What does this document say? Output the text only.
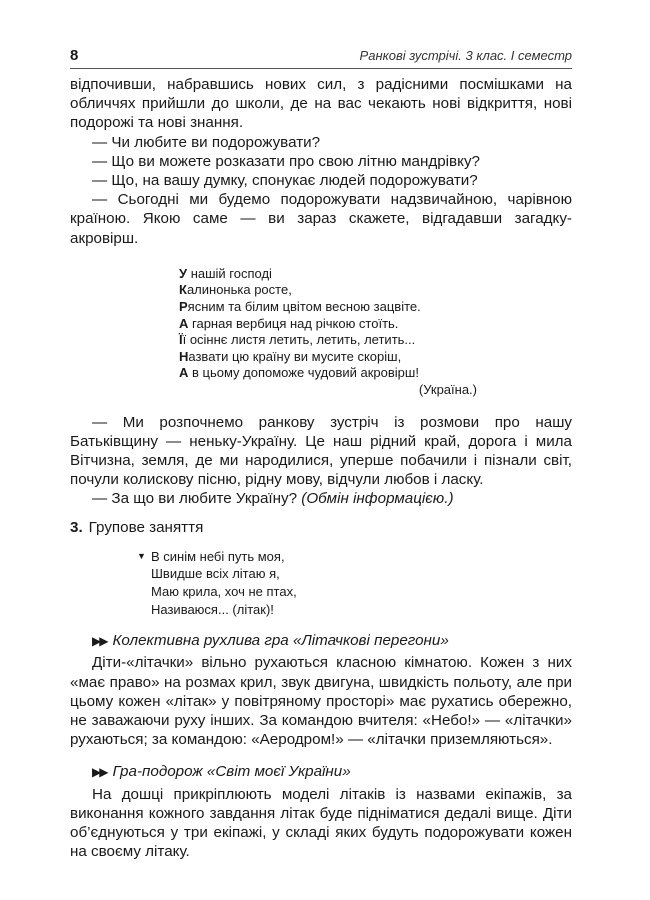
8	Ранкові зустрічі. 3 клас. І семестр

відпочивши, набравшись нових сил, з радісними посмішками на обличчях прийшли до школи, де на вас чекають нові відкриття, нові подорожі та нові знання.

— Чи любите ви подорожувати?

— Що ви можете розказати про свою літню мандрівку?

— Що, на вашу думку, спонукає людей подорожувати?

— Сьогодні ми будемо подорожувати надзвичайною, чарівною країною. Якою саме — ви зараз скажете, відгадавши загадку-акровірш.

У нашій господі
Калинонька росте,
Рясним та білим цвітом весною зацвіте.
А гарная вербиця над річкою стоїть.
Її осіннє листя летить, летить, летить...
Назвати цю країну ви мусите скоріш,
А в цьому допоможе чудовий акровірш!
(Україна.)

— Ми розпочнемо ранкову зустріч із розмови про нашу Батьківщину — неньку-Україну. Це наш рідний край, дорога і мила Вітчизна, земля, де ми народилися, уперше побачили і пізнали світ, почули колискову пісню, рідну мову, відчули любов і ласку.

— За що ви любите Україну? (Обмін інформацією.)

3. Групове заняття
▼ В синім небі путь моя,
Швидше всіх літаю я,
Маю крила, хоч не птах,
Називаюся... (літак)!
▶▶ Колективна рухлива гра «Літачкові перегони»

Діти-«літачки» вільно рухаються класною кімнатою. Кожен з них «має право» на розмах крил, звук двигуна, швидкість польоту, але при цьому кожен «літак» у повітряному просторі» має рухатись обережно, не заважаючи руху інших. За командою вчителя: «Небо!» — «літачки» рухаються; за командою: «Аеродром!» — «літачки приземляються».

▶▶ Гра-подорож «Світ моєї України»

На дошці прикріплюють моделі літаків із назвами екіпажів, за виконання кожного завдання літак буде підніматися дедалі вище. Діти об’єднуються у три екіпажі, у складі яких будуть подорожувати кожен на своєму літаку.
